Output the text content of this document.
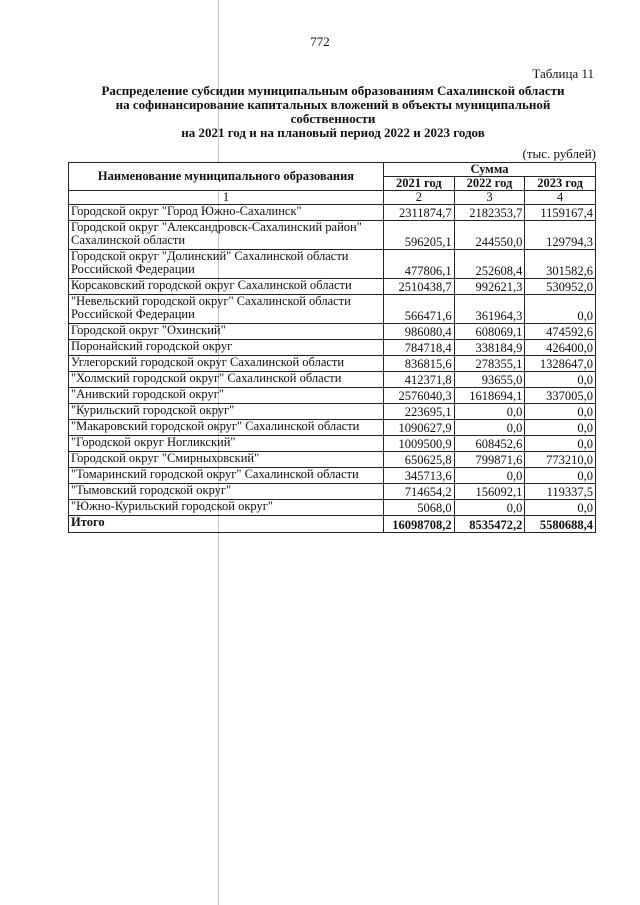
772
Таблица 11
Распределение субсидии муниципальным образованиям Сахалинской области
на софинансирование капитальных вложений в объекты муниципальной
собственности
на 2021 год и на плановый период 2022 и 2023 годов
(тыс. рублей)
Наименование муниципального образования	Сумма		
	2021 год	2022 год	2023 год
1	2	3	4

Городской округ "Город Южно-Сахалинск"	2311874,7	2182353,7	1159167,4

Городской округ "Александровск-Сахалинский район"
Сахалинской области	596205,1	244550,0	129794,3

Городской округ "Долинский" Сахалинской области
Российской Федерации	477806,1	252608,4	301582,6

Корсаковский городской округ Сахалинской области	2510438,7	992621,3	530952,0

"Невельский городской округ" Сахалинской области
Российской Федерации	566471,6	361964,3	0,0

Городской округ "Охинский"	986080,4	608069,1	474592,6

Поронайский городской округ	784718,4	338184,9	426400,0

Углегорский городской округ Сахалинской области	836815,6	278355,1	1328647,0

"Холмский городской округ" Сахалинской области	412371,8	93655,0	0,0

"Анивский городской округ"	2576040,3	1618694,1	337005,0

"Курильский городской округ"	223695,1	0,0	0,0

"Макаровский городской округ" Сахалинской области	1090627,9	0,0	0,0

"Городской округ Ногликский"	1009500,9	608452,6	0,0

Городской округ "Смирныховский"	650625,8	799871,6	773210,0

"Томаринский городской округ" Сахалинской области	345713,6	0,0	0,0

"Тымовский городской округ"	714654,2	156092,1	119337,5

"Южно-Курильский городской округ"	5068,0	0,0	0,0
Итого	16098708,2	8535472,2	5580688,4
